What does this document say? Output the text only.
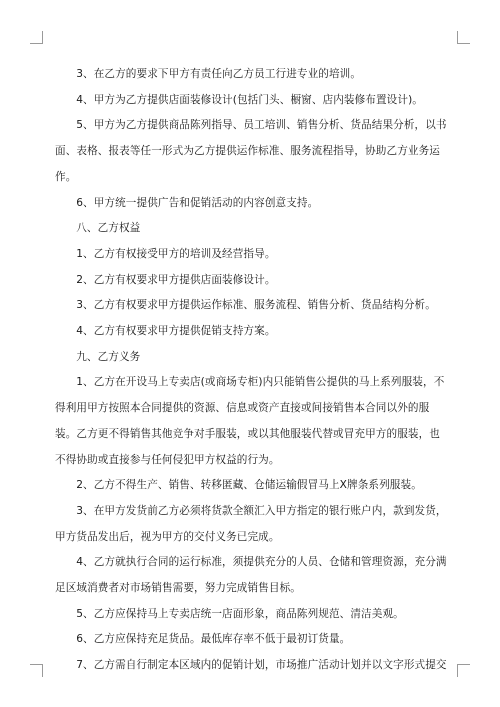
3、在乙方的要求下甲方有责任向乙方员工行进专业的培训。

4、甲方为乙方提供店面装修设计(包括门头、橱窗、店内装修布置设计)。

5、甲方为乙方提供商品陈列指导、员工培训、销售分析、货品结果分析，以书面、表格、报表等任一形式为乙方提供运作标准、服务流程指导，协助乙方业务运作。

6、甲方统一提供广告和促销活动的内容创意支持。

八、乙方权益

1、乙方有权接受甲方的培训及经营指导。

2、乙方有权要求甲方提供店面装修设计。

3、乙方有权要求甲方提供运作标准、服务流程、销售分析、货品结构分析。

4、乙方有权要求甲方提供促销支持方案。

九、乙方义务

1、乙方在开设马上专卖店(或商场专柜)内只能销售公提供的马上系列服装，不得利用甲方按照本合同提供的资源、信息或资产直接或间接销售本合同以外的服装。乙方更不得销售其他竞争对手服装，或以其他服装代替或冒充甲方的服装，也不得协助或直接参与任何侵犯甲方权益的行为。

2、乙方不得生产、销售、转移匿藏、仓储运输假冒马上X牌条系列服装。

3、在甲方发货前乙方必须将货款全额汇入甲方指定的银行账户内，款到发货，甲方货品发出后，视为甲方的交付义务已完成。

4、乙方就执行合同的运行标准，须提供充分的人员、仓储和管理资源，充分满足区域消费者对市场销售需要，努力完成销售目标。

5、乙方应保持马上专卖店统一店面形象，商品陈列规范、清洁美观。

6、乙方应保持充足货品。最低库存率不低于最初订货量。

7、乙方需自行制定本区域内的促销计划，市场推广活动计划并以文字形式提交
